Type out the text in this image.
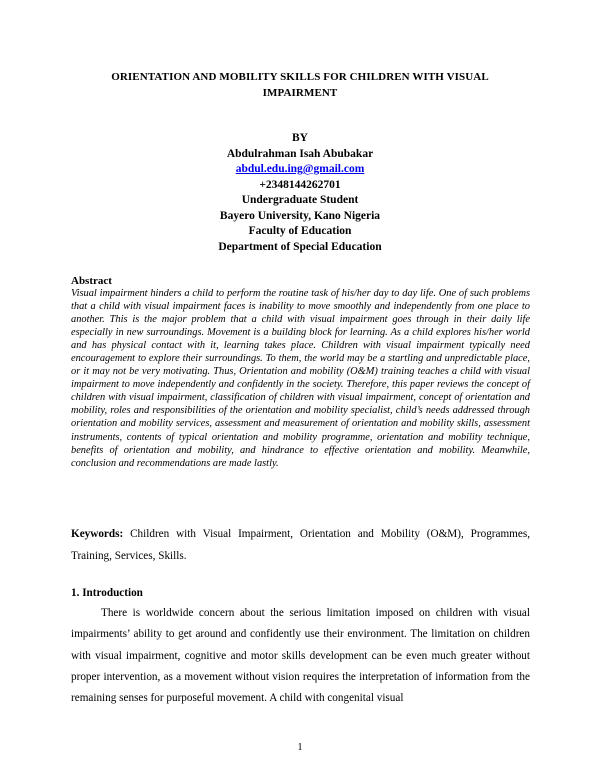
ORIENTATION AND MOBILITY SKILLS FOR CHILDREN WITH VISUAL IMPAIRMENT
BY
Abdulrahman Isah Abubakar
abdul.edu.ing@gmail.com
+2348144262701
Undergraduate Student
Bayero University, Kano Nigeria
Faculty of Education
Department of Special Education
Abstract
Visual impairment hinders a child to perform the routine task of his/her day to day life. One of such problems that a child with visual impairment faces is inability to move smoothly and independently from one place to another. This is the major problem that a child with visual impairment goes through in their daily life especially in new surroundings. Movement is a building block for learning. As a child explores his/her world and has physical contact with it, learning takes place. Children with visual impairment typically need encouragement to explore their surroundings. To them, the world may be a startling and unpredictable place, or it may not be very motivating. Thus, Orientation and mobility (O&M) training teaches a child with visual impairment to move independently and confidently in the society. Therefore, this paper reviews the concept of children with visual impairment, classification of children with visual impairment, concept of orientation and mobility, roles and responsibilities of the orientation and mobility specialist, child’s needs addressed through orientation and mobility services, assessment and measurement of orientation and mobility skills, assessment instruments, contents of typical orientation and mobility programme, orientation and mobility technique, benefits of orientation and mobility, and hindrance to effective orientation and mobility. Meanwhile, conclusion and recommendations are made lastly.
Keywords: Children with Visual Impairment, Orientation and Mobility (O&M), Programmes, Training, Services, Skills.
1. Introduction
There is worldwide concern about the serious limitation imposed on children with visual impairments’ ability to get around and confidently use their environment. The limitation on children with visual impairment, cognitive and motor skills development can be even much greater without proper intervention, as a movement without vision requires the interpretation of information from the remaining senses for purposeful movement. A child with congenital visual
1
